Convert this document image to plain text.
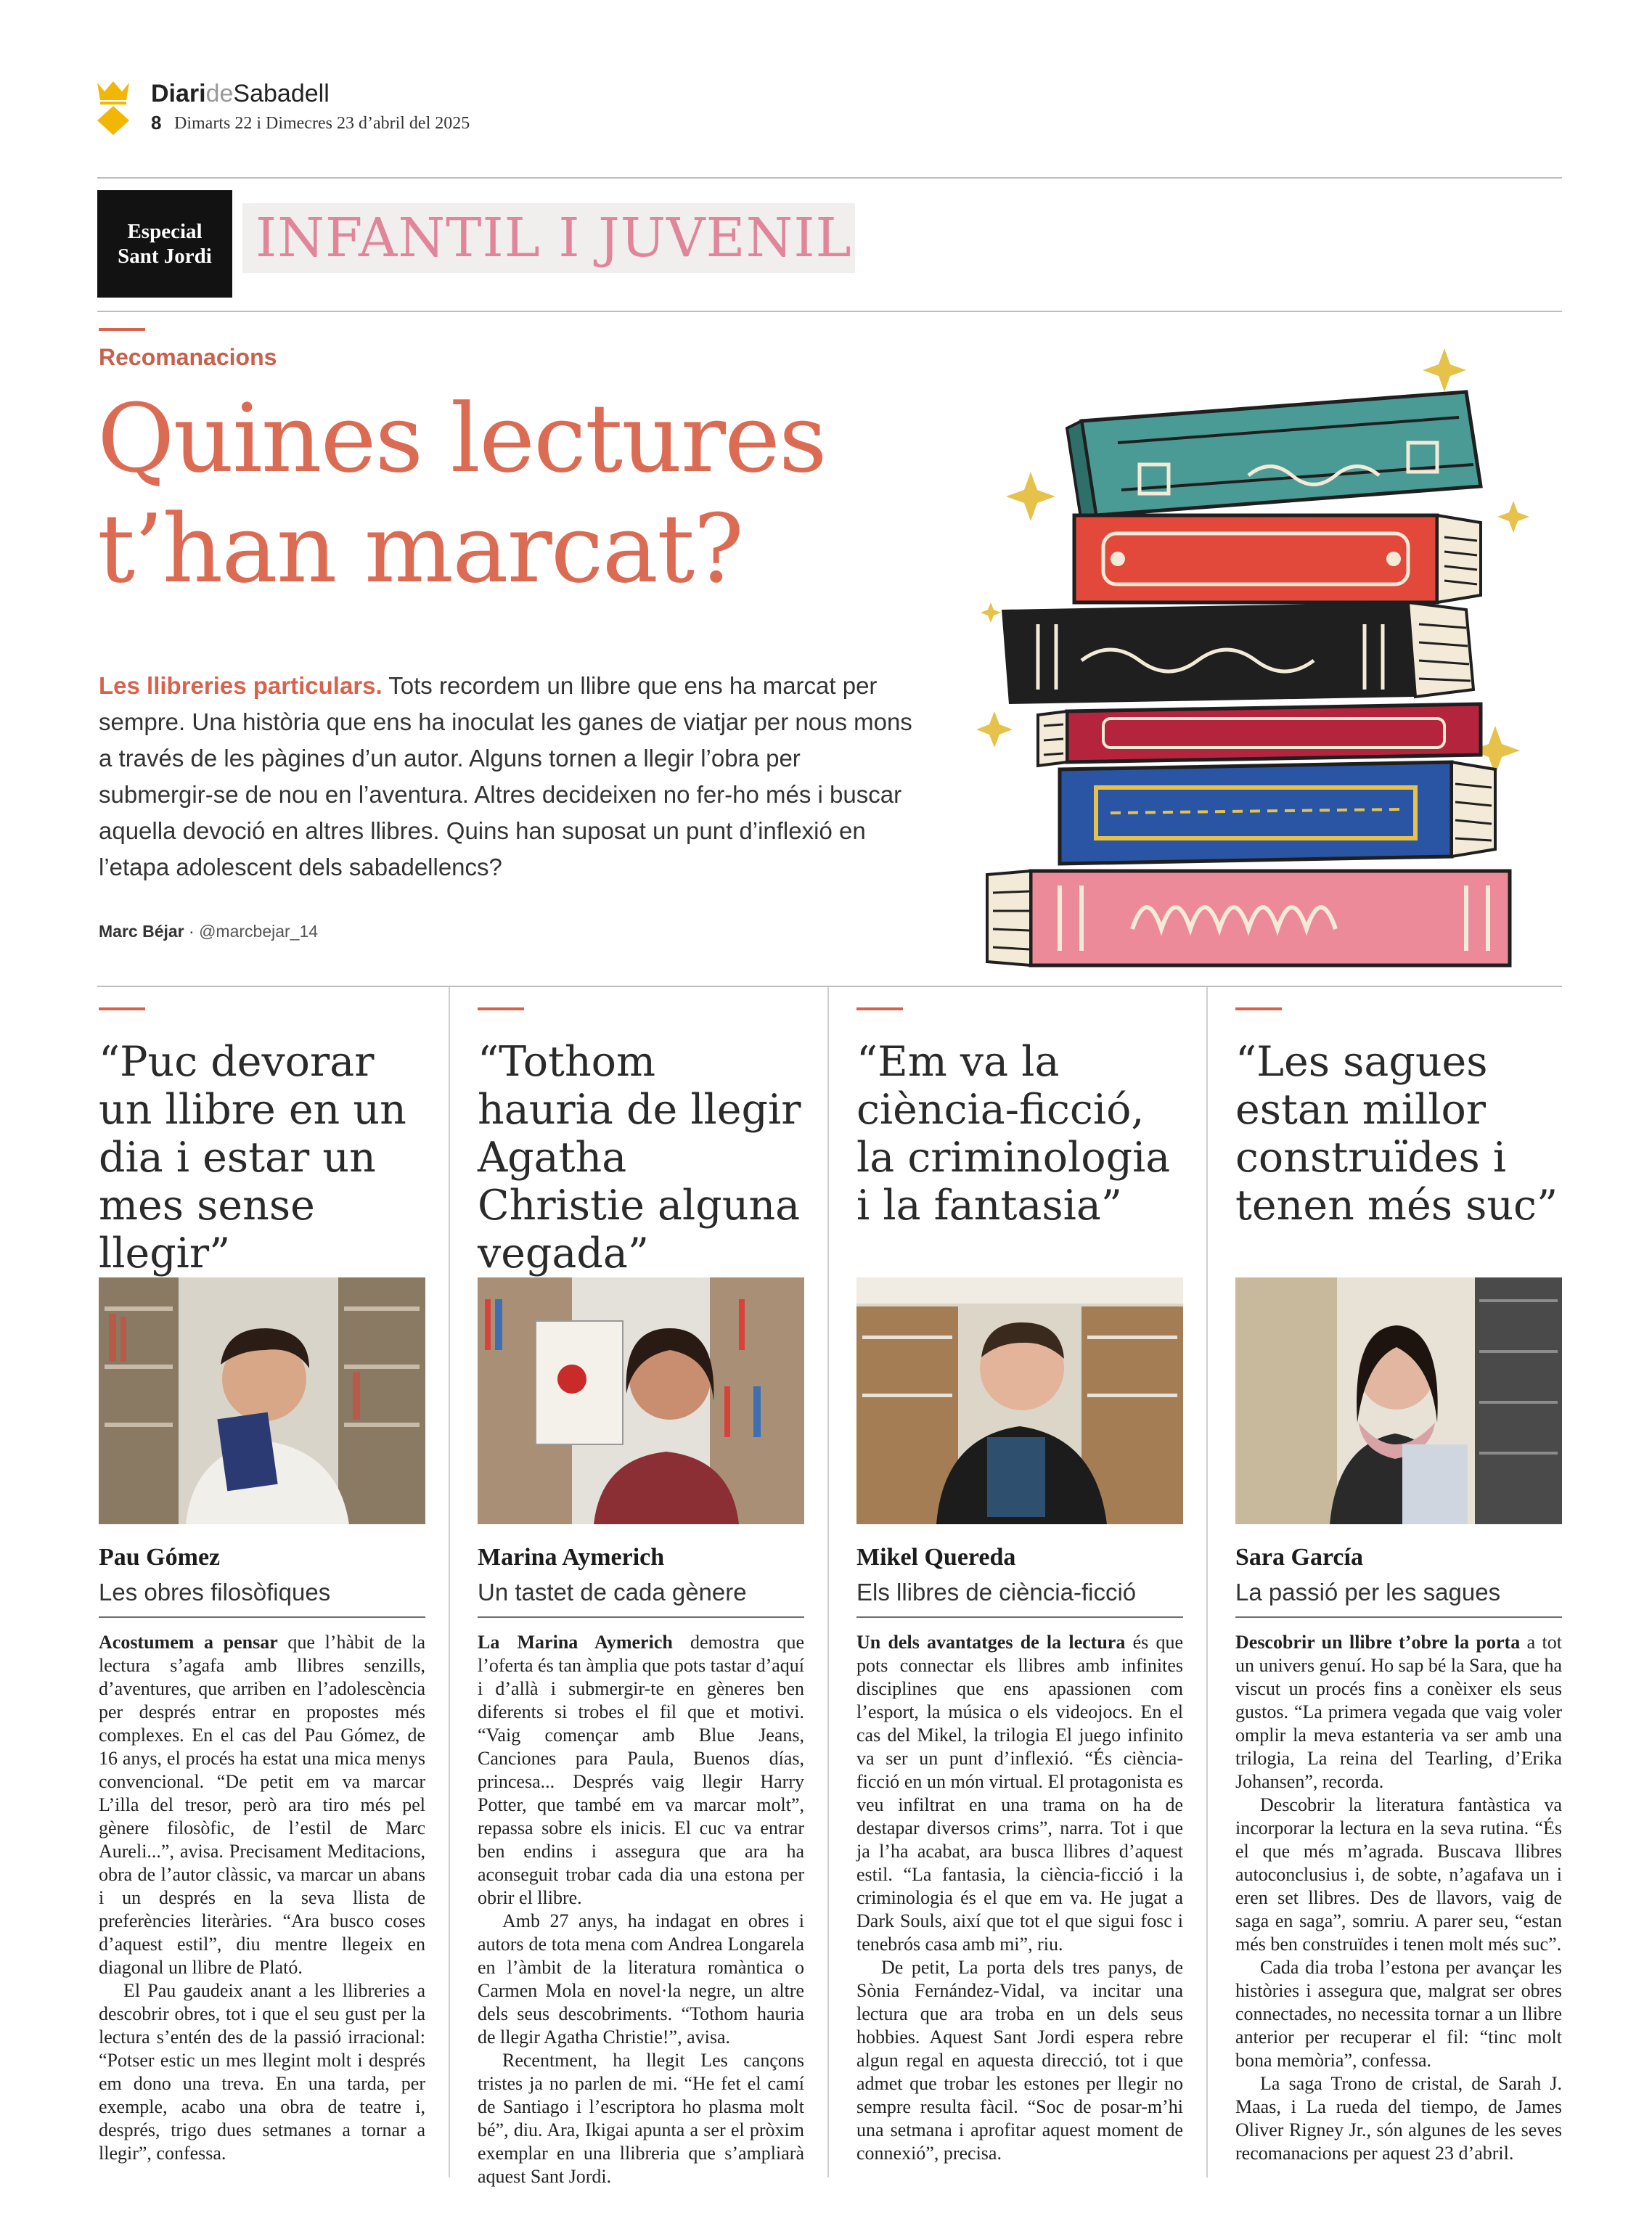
DiarideSabadell
8 Dimarts 22 i Dimecres 23 d’abril del 2025
Especial
Sant Jordi INFANTIL I JUVENIL
Recomanacions
Quines lectures
t’han marcat?
Les llibreries particulars. Tots recordem un llibre que ens ha marcat per sempre. Una història que ens ha inoculat les ganes de viatjar per nous mons a través de les pàgines d’un autor. Alguns tornen a llegir l’obra per submergir-se de nou en l’aventura. Altres decideixen no fer-ho més i buscar aquella devoció en altres llibres. Quins han suposat un punt d’inflexió en l’etapa adolescent dels sabadellencs?
Marc Béjar · @marcbejar_14
“Puc devorar un llibre en un dia i estar un mes sense llegir”
Pau Gómez
Les obres filosòfiques

Acostumem a pensar que l’hàbit de la lectura s’agafa amb llibres senzills, d’aventures, que arriben en l’adolescència per després entrar en propostes més complexes. En el cas del Pau Gómez, de 16 anys, el procés ha estat una mica menys convencional. “De petit em va marcar L’illa del tresor, però ara tiro més pel gènere filosòfic, de l’estil de Marc Aureli...”, avisa. Precisament Meditacions, obra de l’autor clàssic, va marcar un abans i un després en la seva llista de preferències literàries. “Ara busco coses d’aquest estil”, diu mentre llegeix en diagonal un llibre de Plató.

El Pau gaudeix anant a les llibreries a descobrir obres, tot i que el seu gust per la lectura s’entén des de la passió irracional: “Potser estic un mes llegint molt i després em dono una treva. En una tarda, per exemple, acabo una obra de teatre i, després, trigo dues setmanes a tornar a llegir”, confessa.

“Tothom hauria de llegir Agatha Christie alguna vegada”
Marina Aymerich
Un tastet de cada gènere

La Marina Aymerich demostra que l’oferta és tan àmplia que pots tastar d’aquí i d’allà i submergir-te en gèneres ben diferents si trobes el fil que et motivi. “Vaig començar amb Blue Jeans, Canciones para Paula, Buenos días, princesa... Després vaig llegir Harry Potter, que també em va marcar molt”, repassa sobre els inicis. El cuc va entrar ben endins i assegura que ara ha aconseguit trobar cada dia una estona per obrir el llibre.

Amb 27 anys, ha indagat en obres i autors de tota mena com Andrea Longarela en l’àmbit de la literatura romàntica o Carmen Mola en novel·la negre, un altre dels seus descobriments. “Tothom hauria de llegir Agatha Christie!”, avisa.

Recentment, ha llegit Les cançons tristes ja no parlen de mi. “He fet el camí de Santiago i l’escriptora ho plasma molt bé”, diu. Ara, Ikigai apunta a ser el pròxim exemplar en una llibreria que s’ampliarà aquest Sant Jordi.

“Em va la ciència-ficció, la criminologia i la fantasia”
Mikel Quereda
Els llibres de ciència-ficció

Un dels avantatges de la lectura és que pots connectar els llibres amb infinites disciplines que ens apassionen com l’esport, la música o els videojocs. En el cas del Mikel, la trilogia El juego infinito va ser un punt d’inflexió. “És ciència-ficció en un món virtual. El protagonista es veu infiltrat en una trama on ha de destapar diversos crims”, narra. Tot i que ja l’ha acabat, ara busca llibres d’aquest estil. “La fantasia, la ciència-ficció i la criminologia és el que em va. He jugat a Dark Souls, així que tot el que sigui fosc i tenebrós casa amb mi”, riu.

De petit, La porta dels tres panys, de Sònia Fernández-Vidal, va incitar una lectura que ara troba en un dels seus hobbies. Aquest Sant Jordi espera rebre algun regal en aquesta direcció, tot i que admet que trobar les estones per llegir no sempre resulta fàcil. “Soc de posar-m’hi una setmana i aprofitar aquest moment de connexió”, precisa.

“Les sagues estan millor construïdes i tenen més suc”
Sara García
La passió per les sagues

Descobrir un llibre t’obre la porta a tot un univers genuí. Ho sap bé la Sara, que ha viscut un procés fins a conèixer els seus gustos. “La primera vegada que vaig voler omplir la meva estanteria va ser amb una trilogia, La reina del Tearling, d’Erika Johansen”, recorda.

Descobrir la literatura fantàstica va incorporar la lectura en la seva rutina. “És el que més m’agrada. Buscava llibres autoconclusius i, de sobte, n’agafava un i eren set llibres. Des de llavors, vaig de saga en saga”, somriu. A parer seu, “estan més ben construïdes i tenen molt més suc”.

Cada dia troba l’estona per avançar les històries i assegura que, malgrat ser obres connectades, no necessita tornar a un llibre anterior per recuperar el fil: “tinc molt bona memòria”, confessa.

La saga Trono de cristal, de Sarah J. Maas, i La rueda del tiempo, de James Oliver Rigney Jr., són algunes de les seves recomanacions per aquest 23 d’abril.
